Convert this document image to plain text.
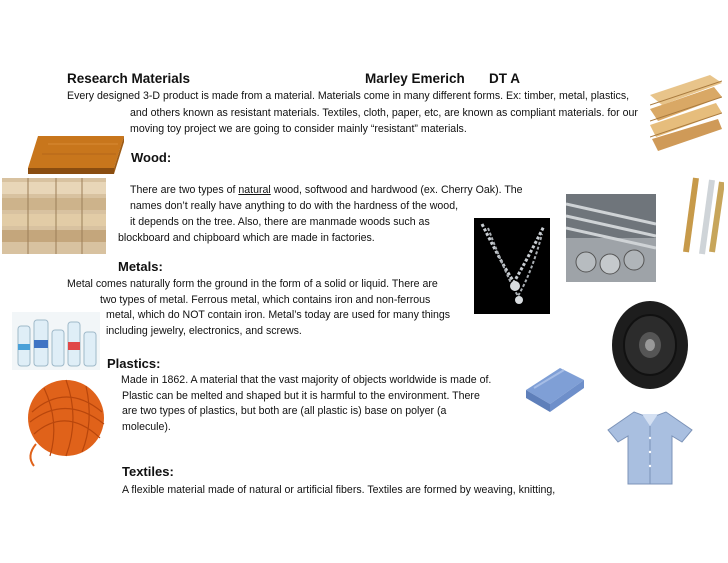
Research Materials	Marley Emerich DT A
Every designed 3-D product is made from a material. Materials come in many different forms. Ex: timber, metal, plastics,
and others known as resistant materials. Textiles, cloth, paper, etc, are known as compliant materials. for our
moving toy project we are going to consider mainly “resistant” materials.
Wood:
There are two types of natural wood, softwood and hardwood (ex. Cherry Oak). The
names don’t really have anything to do with the hardness of the wood,
it depends on the tree. Also, there are manmade woods such as
blockboard and chipboard which are made in factories.
Metals:
Metal comes naturally form the ground in the form of a solid or liquid. There are
two types of metal. Ferrous metal, which contains iron and non-ferrous
metal, which do NOT contain iron. Metal’s today are used for many things
including jewelry, electronics, and screws.
Plastics:
Made in 1862. A material that the vast majority of objects worldwide is made of.
Plastic can be melted and shaped but it is harmful to the environment. There
are two types of plastics, but both are (all plastic is) base on polyer (a
molecule).
Textiles:
A flexible material made of natural or artificial fibers. Textiles are formed by weaving, knitting,
